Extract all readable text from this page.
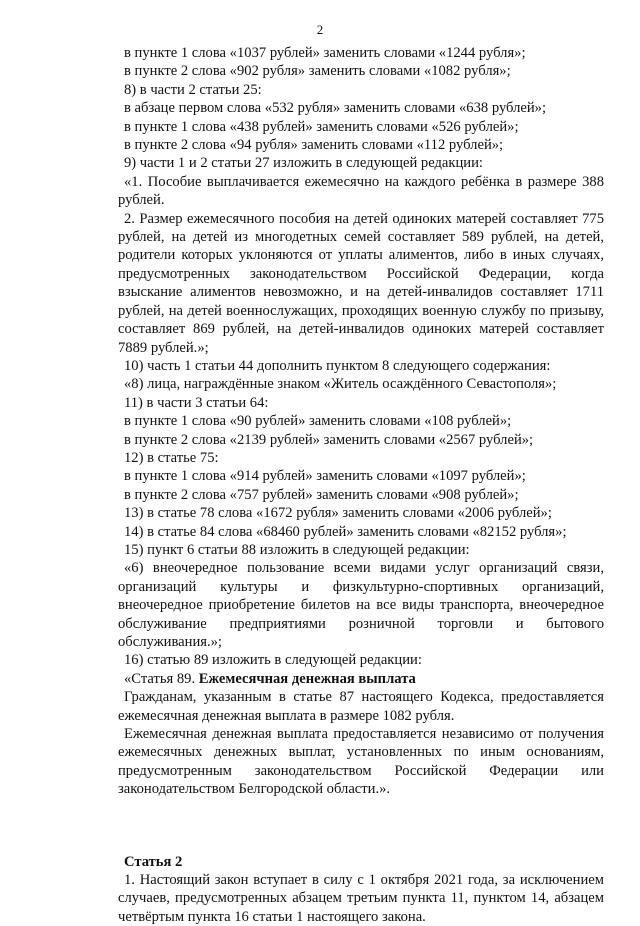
2

в пункте 1 слова «1037 рублей» заменить словами «1244 рубля»;

в пункте 2 слова «902 рубля» заменить словами «1082 рубля»;

8) в части 2 статьи 25:

в абзаце первом слова «532 рубля» заменить словами «638 рублей»;

в пункте 1 слова «438 рублей» заменить словами «526 рублей»;

в пункте 2 слова «94 рубля» заменить словами «112 рублей»;

9) части 1 и 2 статьи 27 изложить в следующей редакции:

«1. Пособие выплачивается ежемесячно на каждого ребёнка в размере 388 рублей.

2. Размер ежемесячного пособия на детей одиноких матерей составляет 775 рублей, на детей из многодетных семей составляет 589 рублей, на детей, родители которых уклоняются от уплаты алиментов, либо в иных случаях, предусмотренных законодательством Российской Федерации, когда взыскание алиментов невозможно, и на детей-инвалидов составляет 1711 рублей, на детей военнослужащих, проходящих военную службу по призыву, составляет 869 рублей, на детей-инвалидов одиноких матерей составляет 7889 рублей.»;

10) часть 1 статьи 44 дополнить пунктом 8 следующего содержания:

«8) лица, награждённые знаком «Житель осаждённого Севастополя»;

11) в части 3 статьи 64:

в пункте 1 слова «90 рублей» заменить словами «108 рублей»;

в пункте 2 слова «2139 рублей» заменить словами «2567 рублей»;

12) в статье 75:

в пункте 1 слова «914 рублей» заменить словами «1097 рублей»;

в пункте 2 слова «757 рублей» заменить словами «908 рублей»;

13) в статье 78 слова «1672 рубля» заменить словами «2006 рублей»;

14) в статье 84 слова «68460 рублей» заменить словами «82152 рубля»;

15) пункт 6 статьи 88 изложить в следующей редакции:

«6) внеочередное пользование всеми видами услуг организаций связи, организаций культуры и физкультурно-спортивных организаций, внеочередное приобретение билетов на все виды транспорта, внеочередное обслуживание предприятиями розничной торговли и бытового обслуживания.»;

16) статью 89 изложить в следующей редакции:

«Статья 89. Ежемесячная денежная выплата

Гражданам, указанным в статье 87 настоящего Кодекса, предоставляется ежемесячная денежная выплата в размере 1082 рубля.

Ежемесячная денежная выплата предоставляется независимо от получения ежемесячных денежных выплат, установленных по иным основаниям, предусмотренным законодательством Российской Федерации или законодательством Белгородской области.».

Статья 2

1. Настоящий закон вступает в силу с 1 октября 2021 года, за исключением случаев, предусмотренных абзацем третьим пункта 11, пунктом 14, абзацем четвёртым пункта 16 статьи 1 настоящего закона.
